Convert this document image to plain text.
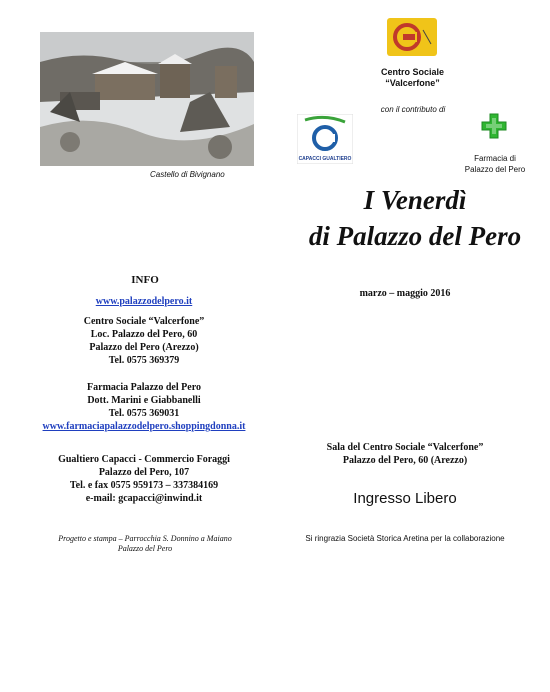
Castello di Bivignano
Centro Sociale
“Valcerfone”
con il contributo di
CAPACCI GUALTIERO	Farmacia di
Palazzo del Pero
I Venerdì
di Palazzo del Pero
marzo – maggio 2016
INFO
www.palazzodelpero.it
Centro Sociale “Valcerfone”
Loc. Palazzo del Pero, 60
Palazzo del Pero (Arezzo)
Tel. 0575 369379
Farmacia Palazzo del Pero
Dott. Marini e Giabbanelli
Tel. 0575 369031
www.farmaciapalazzodelpero.shoppingdonna.it
Gualtiero Capacci - Commercio Foraggi
Palazzo del Pero, 107
Tel. e fax 0575 959173 – 337384169
e-mail: gcapacci@inwind.it
Progetto e stampa – Parrocchia S. Donnino a Maiano
Palazzo del Pero
Sala del Centro Sociale “Valcerfone”
Palazzo del Pero, 60 (Arezzo)
Ingresso Libero
Si ringrazia Società Storica Aretina per la collaborazione
